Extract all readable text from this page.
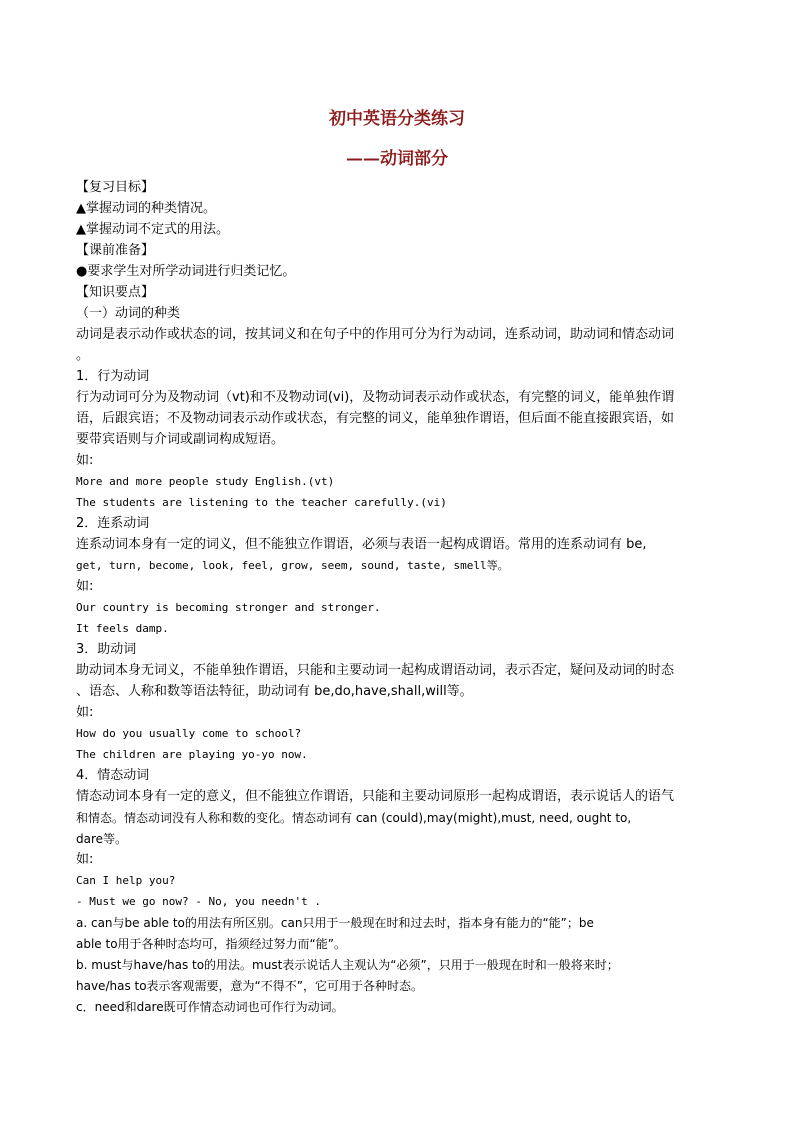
初中英语分类练习
——动词部分
【复习目标】
▲掌握动词的种类情况。
▲掌握动词不定式的用法。
【课前准备】
●要求学生对所学动词进行归类记忆。
【知识要点】
（一）动词的种类
动词是表示动作或状态的词，按其词义和在句子中的作用可分为行为动词，连系动词，助动词和情态动词
。
1．行为动词
行为动词可分为及物动词（vt)和不及物动词(vi)，及物动词表示动作或状态，有完整的词义，能单独作谓
语，后跟宾语；不及物动词表示动作或状态，有完整的词义，能单独作谓语，但后面不能直接跟宾语，如
要带宾语则与介词或副词构成短语。
如:
More and more people study English.(vt)
The students are listening to the teacher carefully.(vi)
2．连系动词
连系动词本身有一定的词义，但不能独立作谓语，必须与表语一起构成谓语。常用的连系动词有 be,
get, turn, become, look, feel, grow, seem, sound, taste, smell等。
如:
Our country is becoming stronger and stronger.
It feels damp.
3．助动词
助动词本身无词义，不能单独作谓语，只能和主要动词一起构成谓语动词，表示否定，疑问及动词的时态
、语态、人称和数等语法特征，助动词有 be,do,have,shall,will等。
如:
How do you usually come to school?
The children are playing yo-yo now.
4．情态动词
情态动词本身有一定的意义，但不能独立作谓语，只能和主要动词原形一起构成谓语，表示说话人的语气
和情态。情态动词没有人称和数的变化。情态动词有 can (could),may(might),must, need, ought to,
dare等。
如:
Can I help you?
- Must we go now? - No, you needn't .
a. can与be able to的用法有所区别。can只用于一般现在时和过去时，指本身有能力的“能”；be
able to用于各种时态均可，指须经过努力而“能”。
b. must与have/has to的用法。must表示说话人主观认为“必须”，只用于一般现在时和一般将来时；
have/has to表示客观需要，意为“不得不”，它可用于各种时态。
c．need和dare既可作情态动词也可作行为动词。
